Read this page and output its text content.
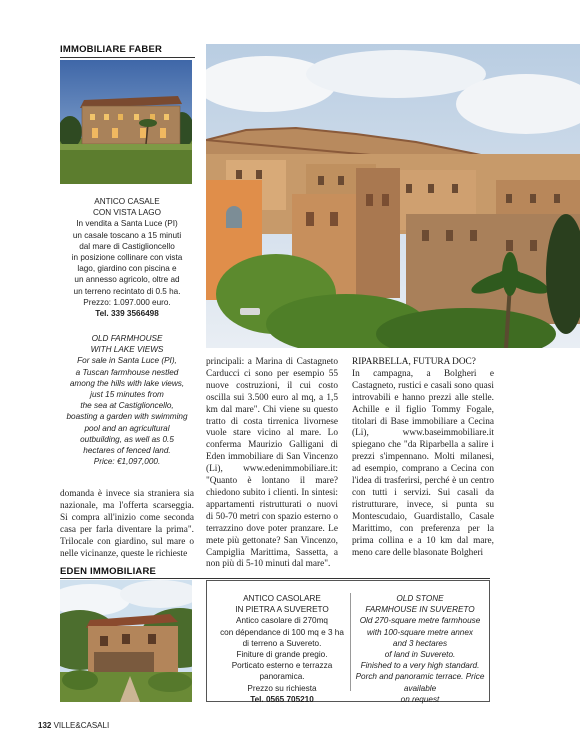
IMMOBILIARE FABER
ANTICO CASALE
CON VISTA LAGO
In vendita a Santa Luce (PI)
un casale toscano a 15 minuti
dal mare di Castiglioncello
in posizione collinare con vista
lago, giardino con piscina e
un annesso agricolo, oltre ad
un terreno recintato di 0.5 ha.
Prezzo: 1.097.000 euro.
Tel. 339 3566498
OLD FARMHOUSE
WITH LAKE VIEWS
For sale in Santa Luce (PI),
a Tuscan farmhouse nestled
among the hills with lake views,
just 15 minutes from
the sea at Castiglioncello,
boasting a garden with swimming
pool and an agricultural
outbuilding, as well as 0.5
hectares of fenced land.
Price: €1,097,000.

domanda è invece sia straniera sia nazionale, ma l'offerta scarseggia. Si compra all'inizio come seconda casa per farla diventare la prima". Trilocale con giardino, sul mare o nelle vicinanze, queste le richieste

principali: a Marina di Castagneto Carducci ci sono per esempio 55 nuove costruzioni, il cui costo oscilla sui 3.500 euro al mq, a 1,5 km dal mare". Chi viene su questo tratto di costa tirrenica livornese vuole stare vicino al mare. Lo conferma Maurizio Galligani di Eden immobiliare di San Vincenzo (Li), www.edenimmobiliare.it: "Quanto è lontano il mare? chiedono subito i clienti. In sintesi: appartamenti ristrutturati o nuovi di 50-70 metri con spazio esterno o terrazzino dove poter pranzare. Le mete più gettonate? San Vincenzo, Campiglia Marittima, Sassetta, a non più di 5-10 minuti dal mare".

RIPARBELLA, FUTURA DOC?

In campagna, a Bolgheri e Castagneto, rustici e casali sono quasi introvabili e hanno prezzi alle stelle. Achille e il figlio Tommy Fogale, titolari di Base immobiliare a Cecina (Li), www.baseimmobiliare.it spiegano che "da Riparbella a salire i prezzi s'impennano. Molti milanesi, ad esempio, comprano a Cecina con l'idea di trasferirsi, perché è un centro con tutti i servizi. Sui casali da ristrutturare, invece, si punta su Montescudaio, Guardistallo, Casale Marittimo, con preferenza per la prima collina e a 10 km dal mare, meno care delle blasonate Bolgheri

EDEN IMMOBILIARE
ANTICO CASOLARE
IN PIETRA A SUVERETO
Antico casolare di 270mq
con dépendance di 100 mq e 3 ha
di terreno a Suvereto.
Finiture di grande pregio.
Porticato esterno e terrazza panoramica.
Prezzo su richiesta
Tel. 0565 705210
OLD STONE
FARMHOUSE IN SUVERETO
Old 270-square metre farmhouse
with 100-square metre annex
and 3 hectares
of land in Suvereto.
Finished to a very high standard.
Porch and panoramic terrace. Price available
on request
132 VILLE&CASALI
